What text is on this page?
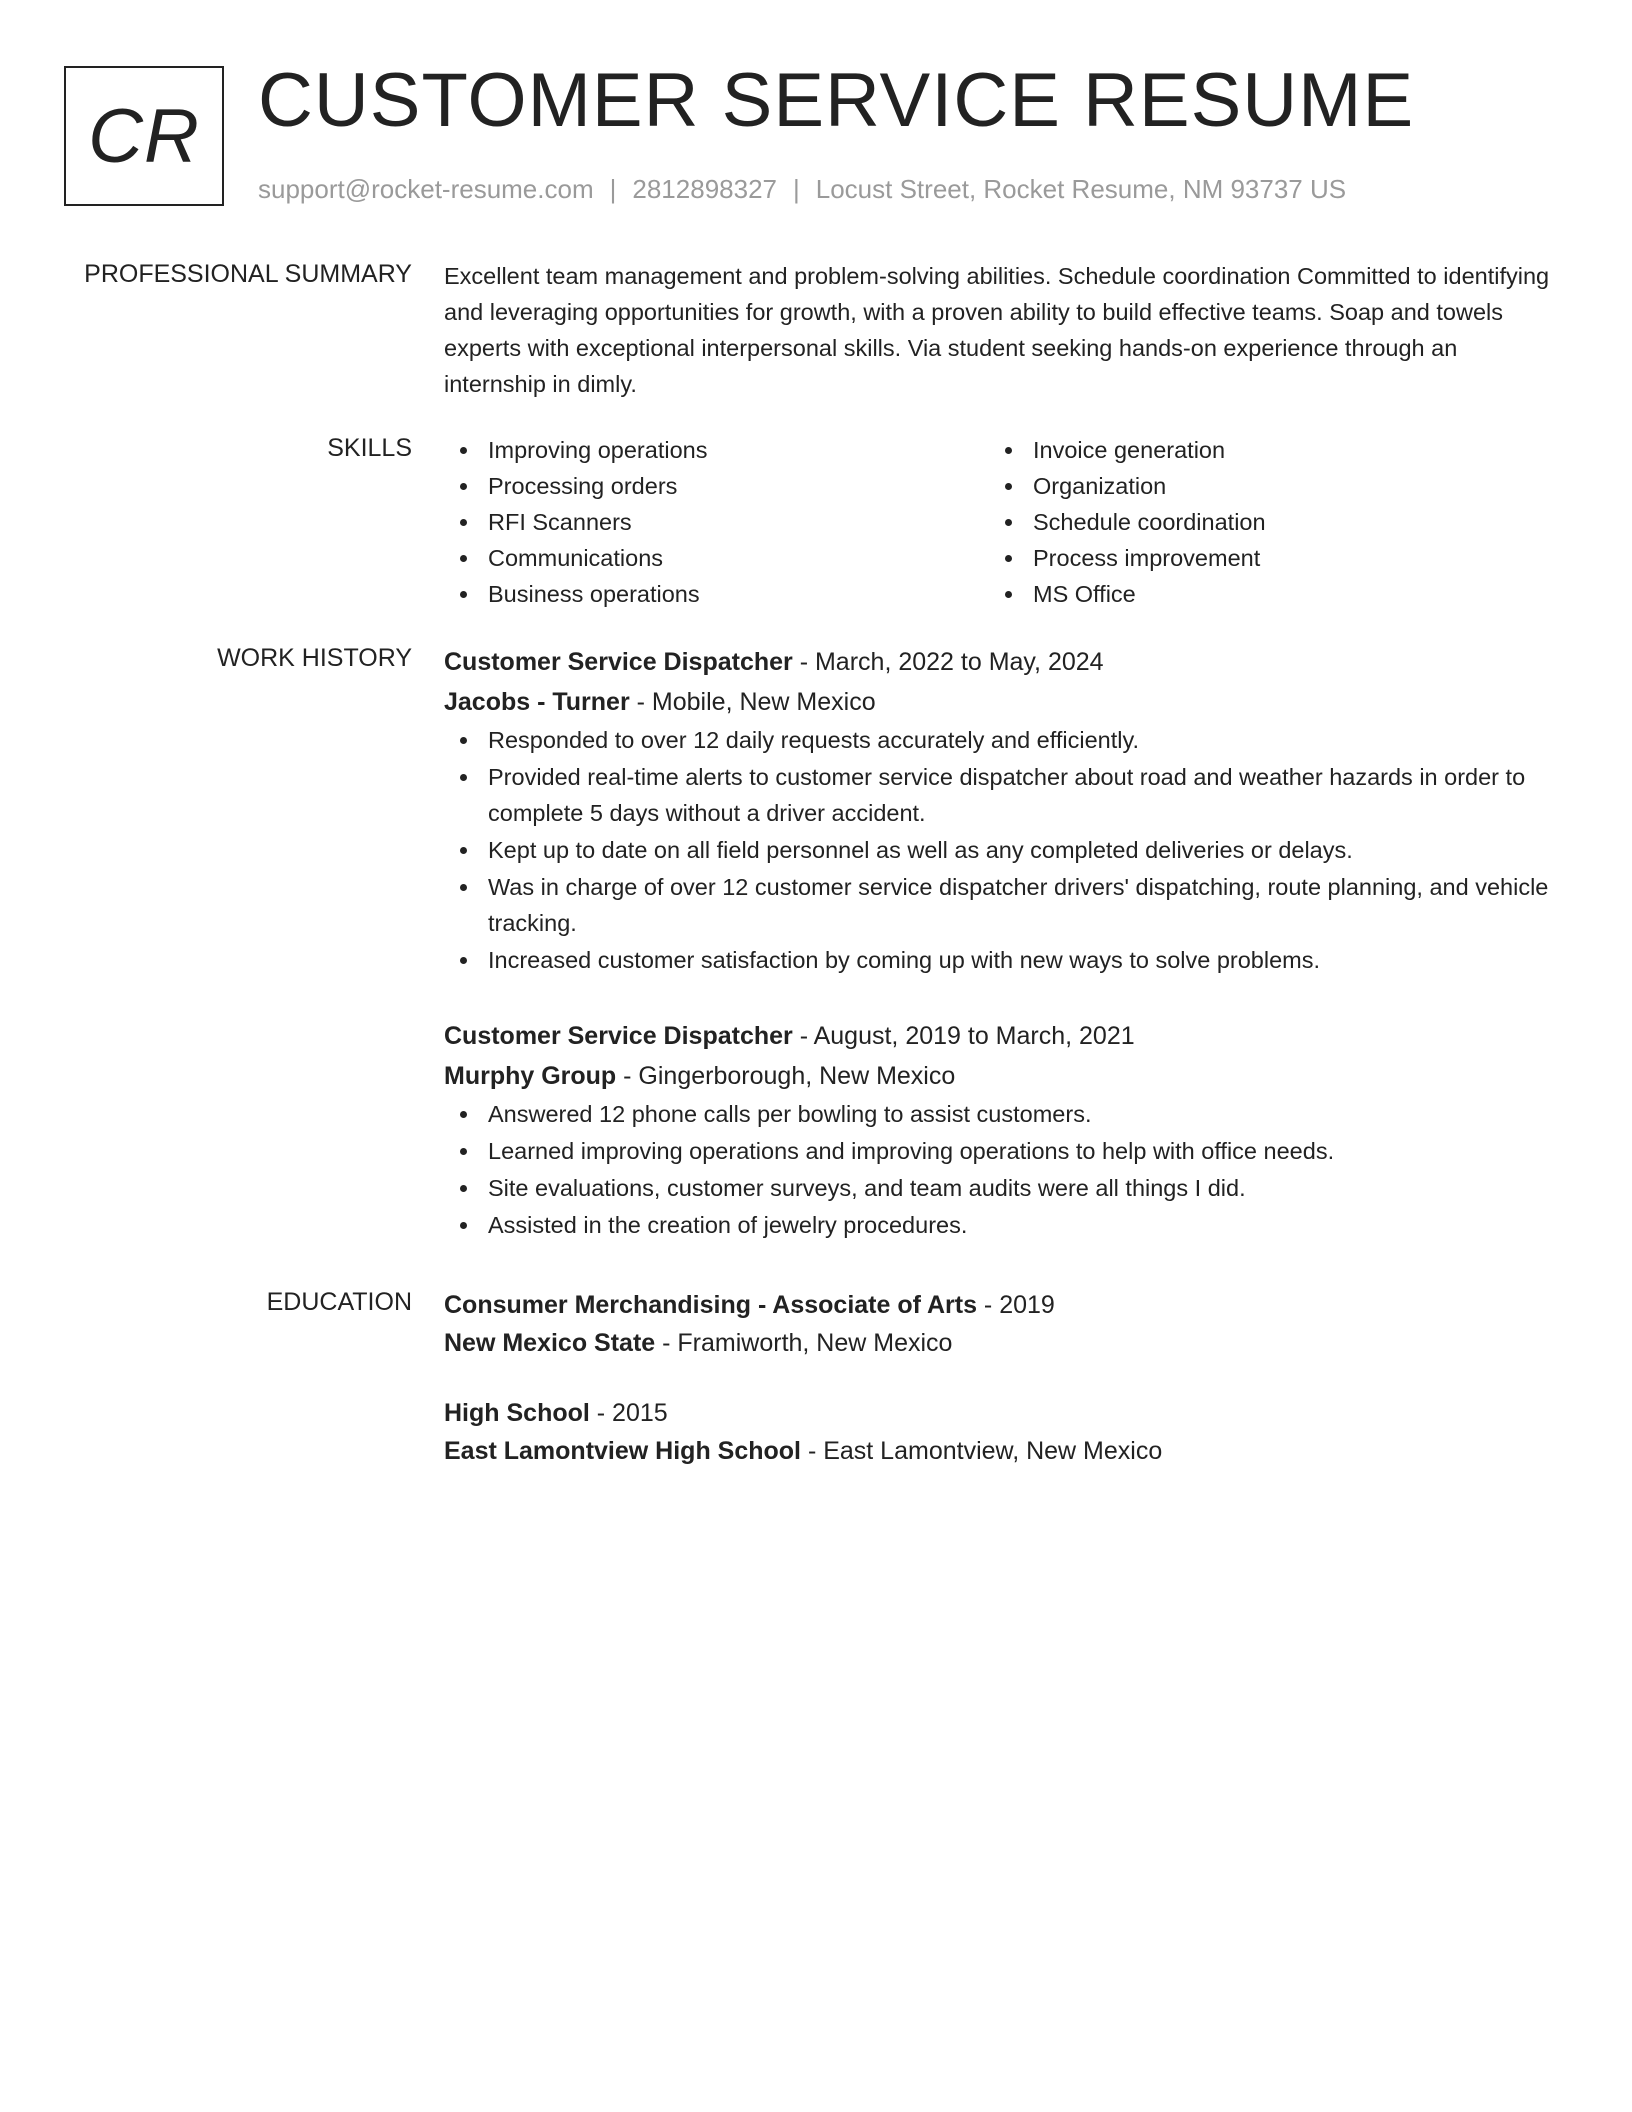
CR CUSTOMER SERVICE RESUME
support@rocket-resume.com | 2812898327 | Locust Street, Rocket Resume, NM 93737 US
PROFESSIONAL SUMMARY Excellent team management and problem-solving abilities. Schedule coordination Committed to identifying and leveraging opportunities for growth, with a proven ability to build effective teams. Soap and towels experts with exceptional interpersonal skills. Via student seeking hands-on experience through an internship in dimly.

SKILLS	Improving operations
Processing orders
RFI Scanners
Communications
Business operations
Invoice generation
Organization
Schedule coordination
Process improvement
MS Office
WORK HISTORY Customer Service Dispatcher - March, 2022 to May, 2024
Jacobs - Turner - Mobile, New Mexico
Responded to over 12 daily requests accurately and efficiently.
Provided real-time alerts to customer service dispatcher about road and weather hazards in order to complete 5 days without a driver accident.
Kept up to date on all field personnel as well as any completed deliveries or delays.
Was in charge of over 12 customer service dispatcher drivers' dispatching, route planning, and vehicle tracking.
Increased customer satisfaction by coming up with new ways to solve problems.
Customer Service Dispatcher - August, 2019 to March, 2021
Murphy Group - Gingerborough, New Mexico
Answered 12 phone calls per bowling to assist customers.
Learned improving operations and improving operations to help with office needs.
Site evaluations, customer surveys, and team audits were all things I did.
Assisted in the creation of jewelry procedures.
EDUCATION Consumer Merchandising - Associate of Arts - 2019
New Mexico State - Framiworth, New Mexico
High School - 2015
East Lamontview High School - East Lamontview, New Mexico
